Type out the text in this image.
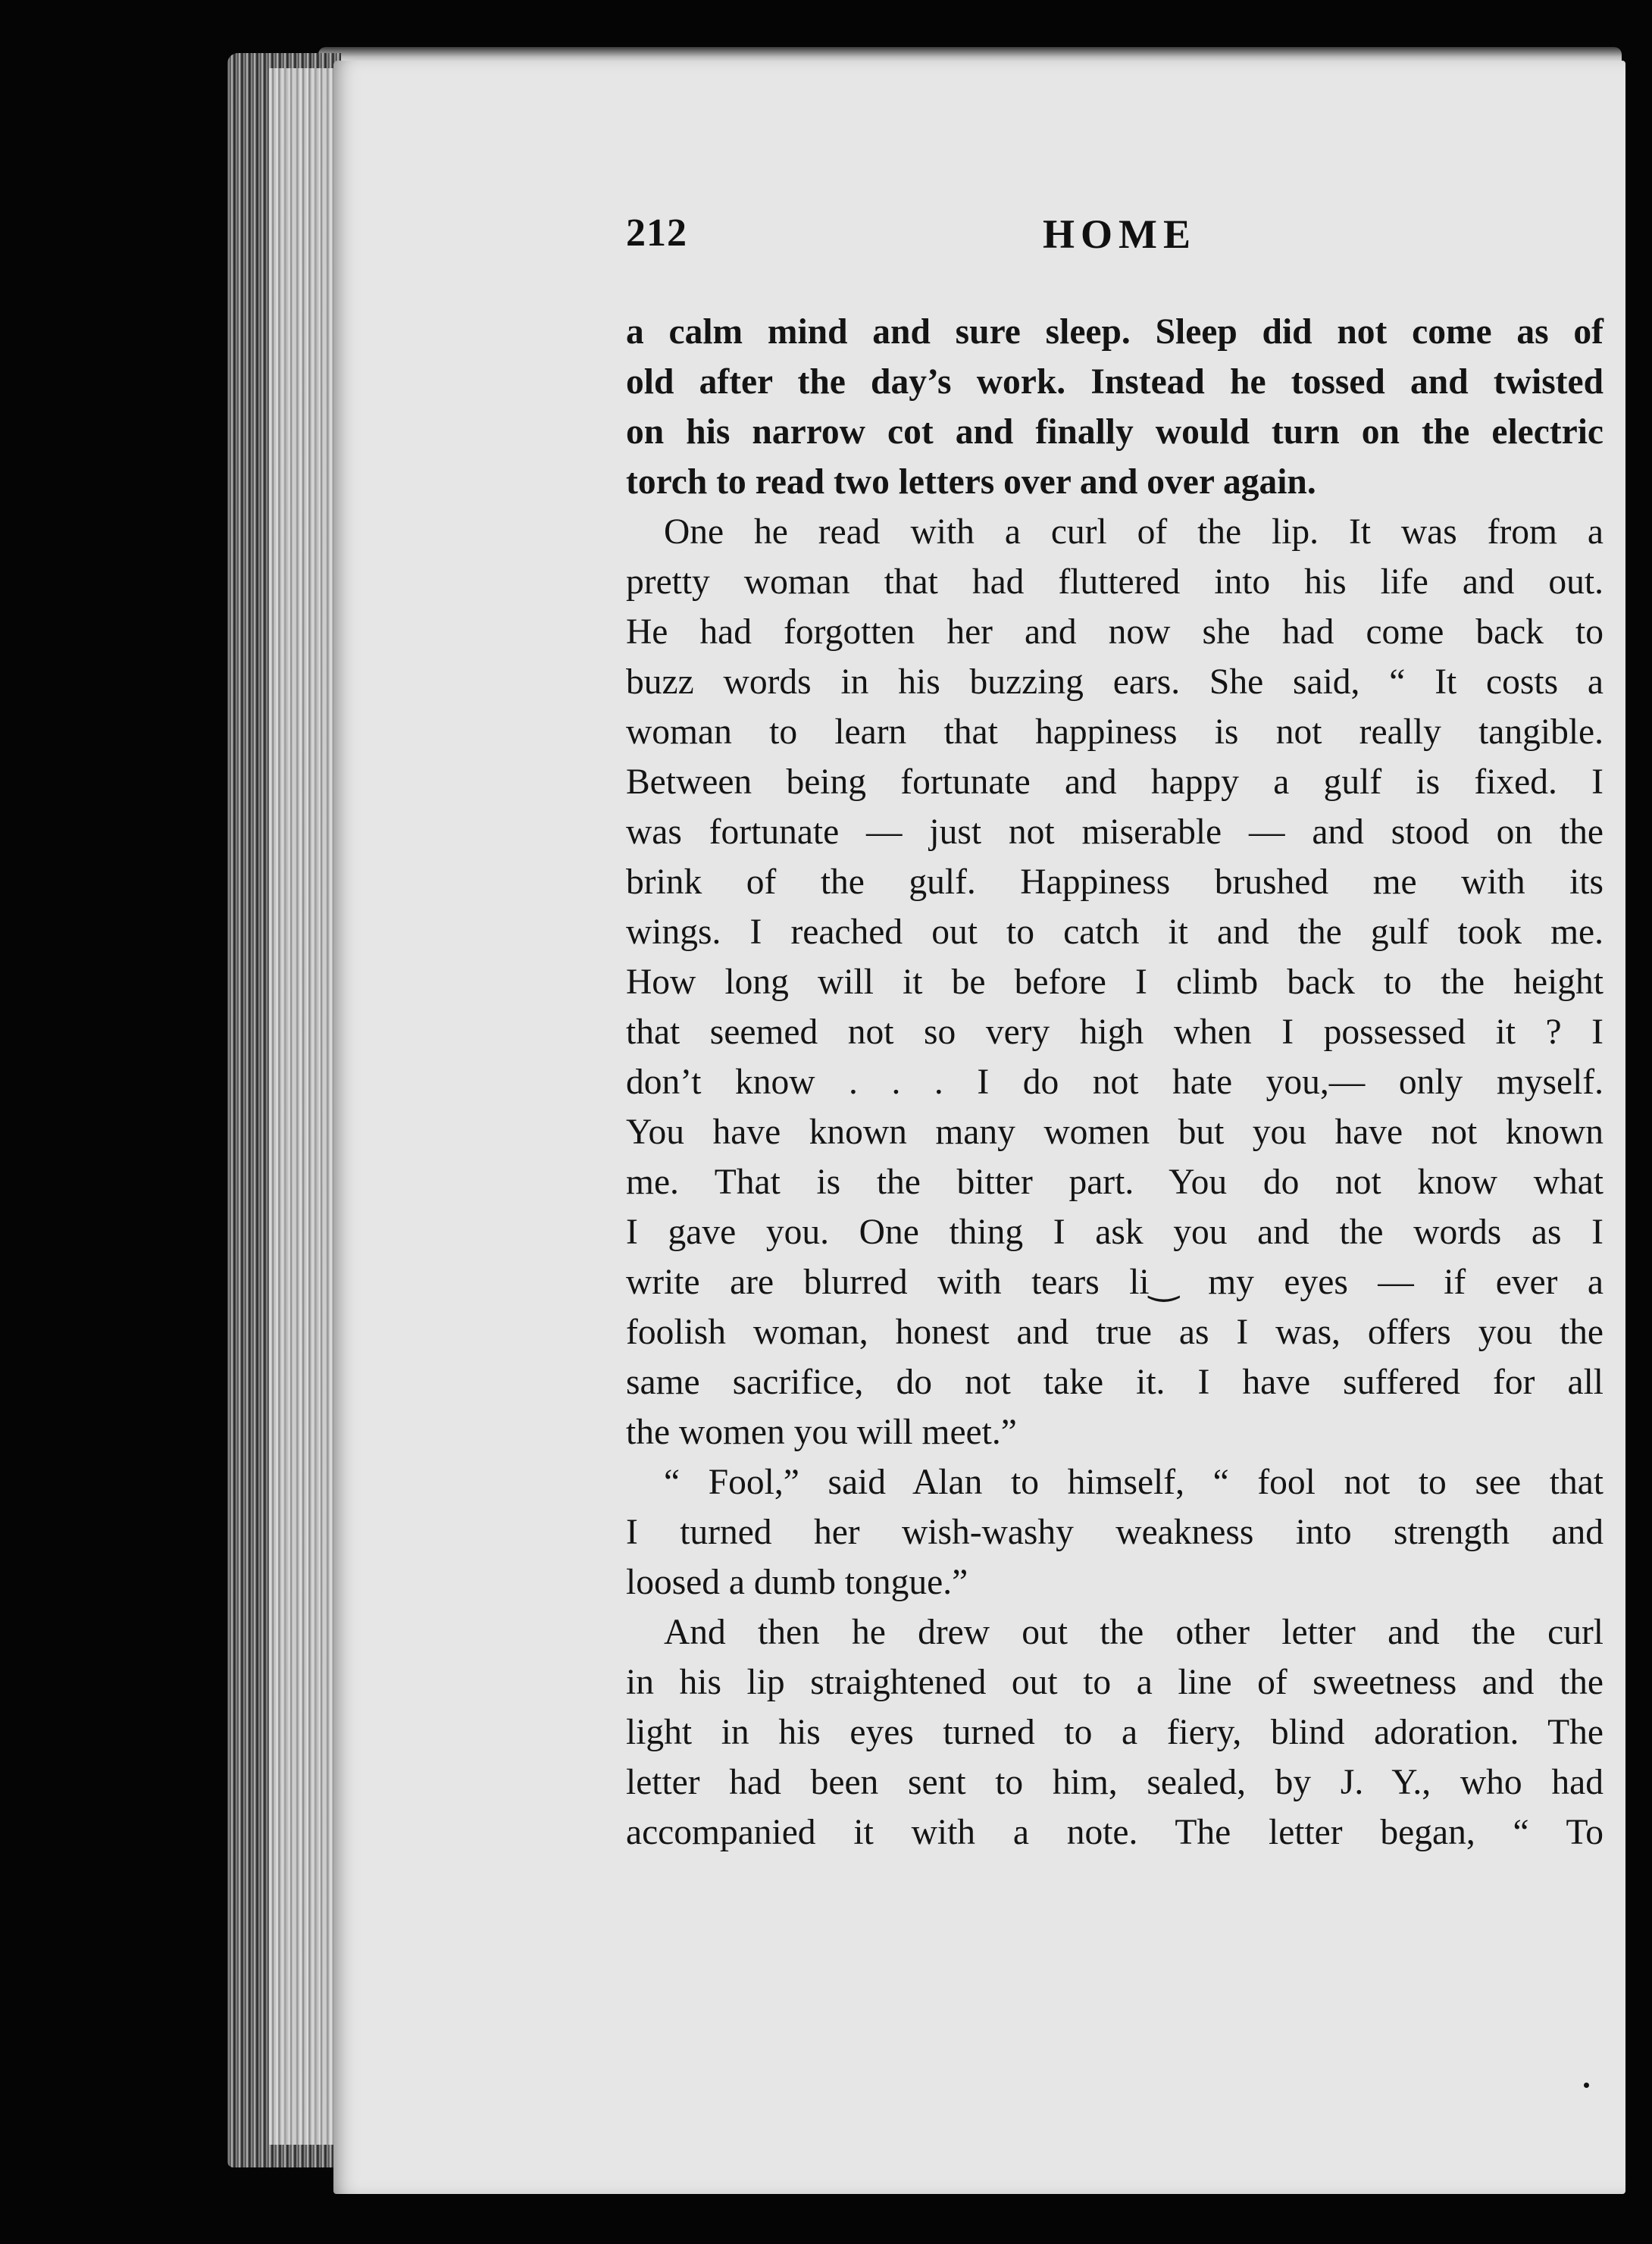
212	HOME
a calm mind and sure sleep. Sleep did not come as of
old after the day’s work. Instead he tossed and twisted
on his narrow cot and finally would turn on the electric
torch to read two letters over and over again.
One he read with a curl of the lip. It was from a
pretty woman that had fluttered into his life and out.
He had forgotten her and now she had come back to
buzz words in his buzzing ears. She said, “ It costs a
woman to learn that happiness is not really tangible.
Between being fortunate and happy a gulf is fixed. I
was fortunate — just not miserable — and stood on the
brink of the gulf. Happiness brushed me with its
wings. I reached out to catch it and the gulf took me.
How long will it be before I climb back to the height
that seemed not so very high when I possessed it ? I
don’t know . . . I do not hate you,— only myself.
You have known many women but you have not known
me. That is the bitter part. You do not know what
I gave you. One thing I ask you and the words as I
write are blurred with tears li‿ my eyes — if ever a
foolish woman, honest and true as I was, offers you the
same sacrifice, do not take it. I have suffered for all
the women you will meet.”
“ Fool,” said Alan to himself, “ fool not to see that
I turned her wish-washy weakness into strength and
loosed a dumb tongue.”
And then he drew out the other letter and the curl
in his lip straightened out to a line of sweetness and the
light in his eyes turned to a fiery, blind adoration. The
letter had been sent to him, sealed, by J. Y., who had
accompanied it with a note. The letter began, “ To
